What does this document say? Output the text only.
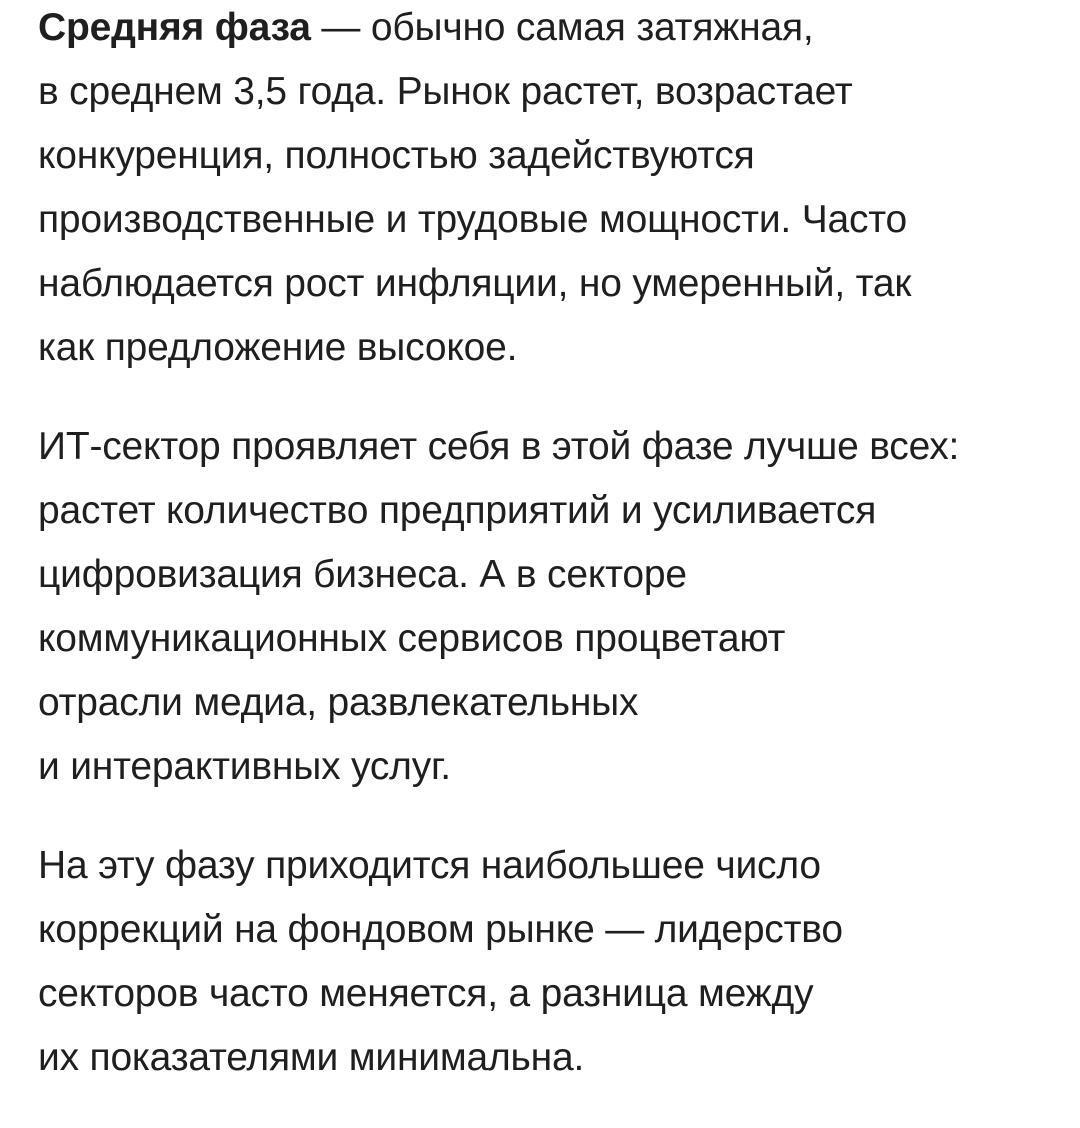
Средняя фаза — обычно самая затяжная,
в среднем 3,5 года. Рынок растет, возрастает
конкуренция, полностью задействуются
производственные и трудовые мощности. Часто
наблюдается рост инфляции, но умеренный, так
как предложение высокое.

ИТ-сектор проявляет себя в этой фазе лучше всех:
растет количество предприятий и усиливается
цифровизация бизнеса. А в секторе
коммуникационных сервисов процветают
отрасли медиа, развлекательных
и интерактивных услуг.

На эту фазу приходится наибольшее число
коррекций на фондовом рынке — лидерство
секторов часто меняется, а разница между
их показателями минимальна.
